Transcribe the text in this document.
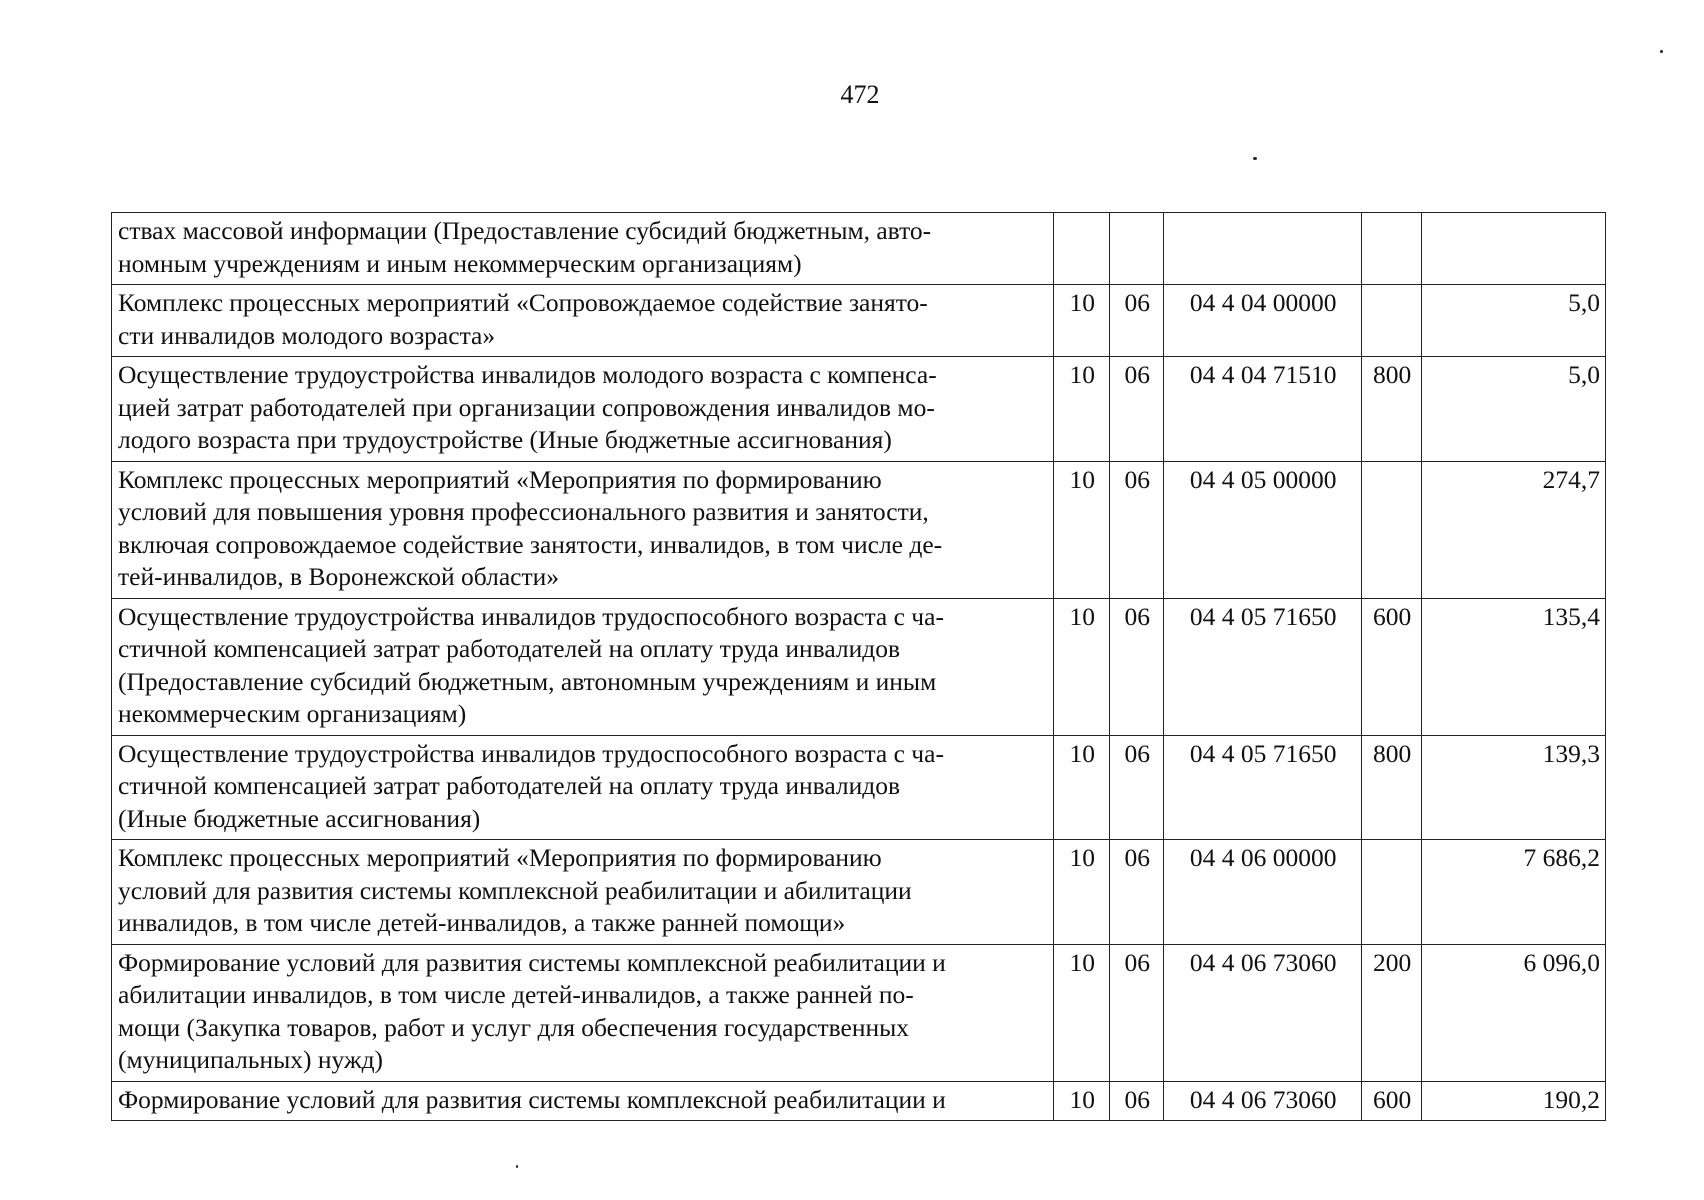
472
ствах массовой информации (Предоставление субсидий бюджетным, авто-
номным учреждениям и иным некоммерческим организациям)					

Комплекс процессных мероприятий «Сопровождаемое содействие занято-
сти инвалидов молодого возраста»	10	06	04 4 04 00000		5,0

Осуществление трудоустройства инвалидов молодого возраста с компенса-
цией затрат работодателей при организации сопровождения инвалидов мо-
лодого возраста при трудоустройстве (Иные бюджетные ассигнования)	10	06	04 4 04 71510	800	5,0

Комплекс процессных мероприятий «Мероприятия по формированию
условий для повышения уровня профессионального развития и занятости,
включая сопровождаемое содействие занятости, инвалидов, в том числе де-
тей-инвалидов, в Воронежской области»	10	06	04 4 05 00000		274,7

Осуществление трудоустройства инвалидов трудоспособного возраста с ча-
стичной компенсацией затрат работодателей на оплату труда инвалидов
(Предоставление субсидий бюджетным, автономным учреждениям и иным
некоммерческим организациям)	10	06	04 4 05 71650	600	135,4

Осуществление трудоустройства инвалидов трудоспособного возраста с ча-
стичной компенсацией затрат работодателей на оплату труда инвалидов
(Иные бюджетные ассигнования)	10	06	04 4 05 71650	800	139,3

Комплекс процессных мероприятий «Мероприятия по формированию
условий для развития системы комплексной реабилитации и абилитации
инвалидов, в том числе детей-инвалидов, а также ранней помощи»	10	06	04 4 06 00000		7 686,2

Формирование условий для развития системы комплексной реабилитации и
абилитации инвалидов, в том числе детей-инвалидов, а также ранней по-
мощи (Закупка товаров, работ и услуг для обеспечения государственных
(муниципальных) нужд)	10	06	04 4 06 73060	200	6 096,0

Формирование условий для развития системы комплексной реабилитации и	10	06	04 4 06 73060	600	190,2
